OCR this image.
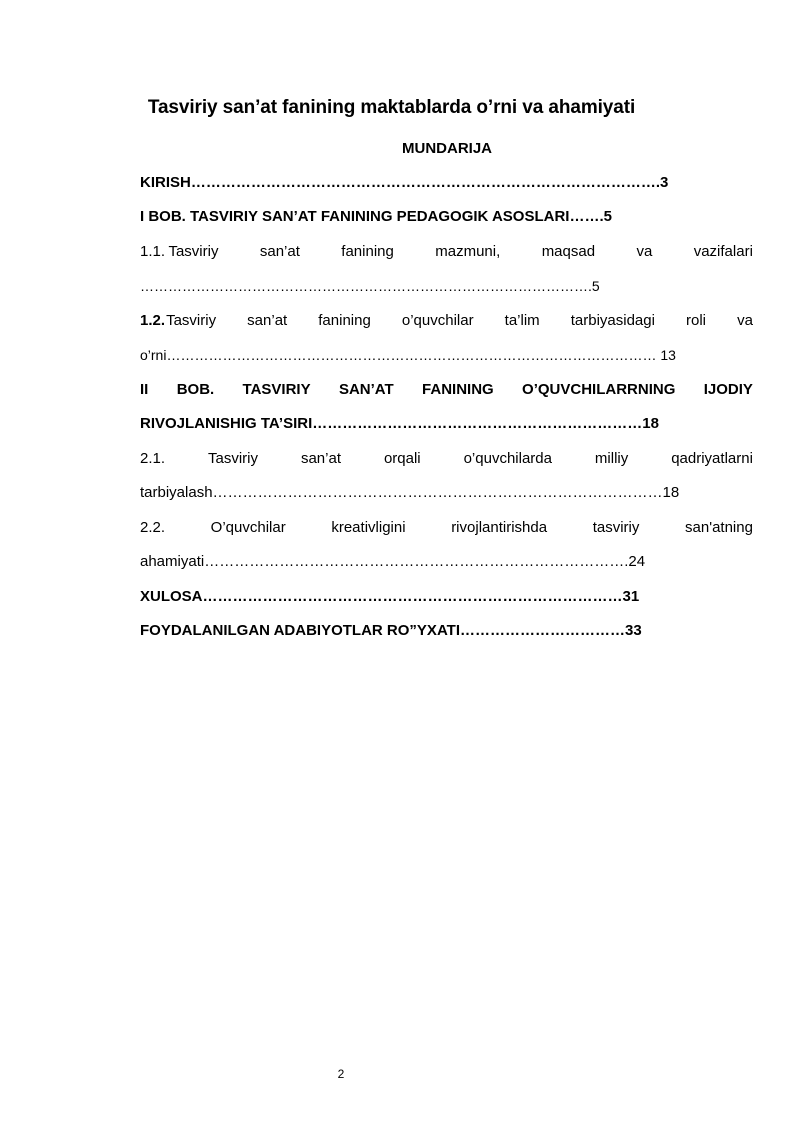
Tasviriy san’at fanining maktablarda o’rni va ahamiyati
MUNDARIJA
KIRISH………………………………………………………………………………….3
I BOB. TASVIRIY SAN’AT FANINING PEDAGOGIK ASOSLARI…….5
1.1. Tasviriy	san’at	fanining	mazmuni,	maqsad	va	vazifalari
…………………………………………………………………………………….5
1.2. Tasviriy san’at fanining o’quvchilar ta’lim tarbiyasidagi roli va
o’rni…………………………………………………………………………………………… 13
II BOB. TASVIRIY SAN’AT FANINING O’QUVCHILARRNING IJODIY
RIVOJLANISHIG TA’SIRI…………………………………………………………18
2.1.	Tasviriy	san’at	orqali	o’quvchilarda	milliy	qadriyatlarni
tarbiyalash………………………………………………………………………………18
2.2.	O’quvchilar	kreativligini	rivojlantirishda	tasviriy	san'atning
ahamiyati………………………………………………………………………….24
XULOSA…………………………………………………………………………31
FOYDALANILGAN ADABIYOTLAR RO”YXATI……………………………33
2
